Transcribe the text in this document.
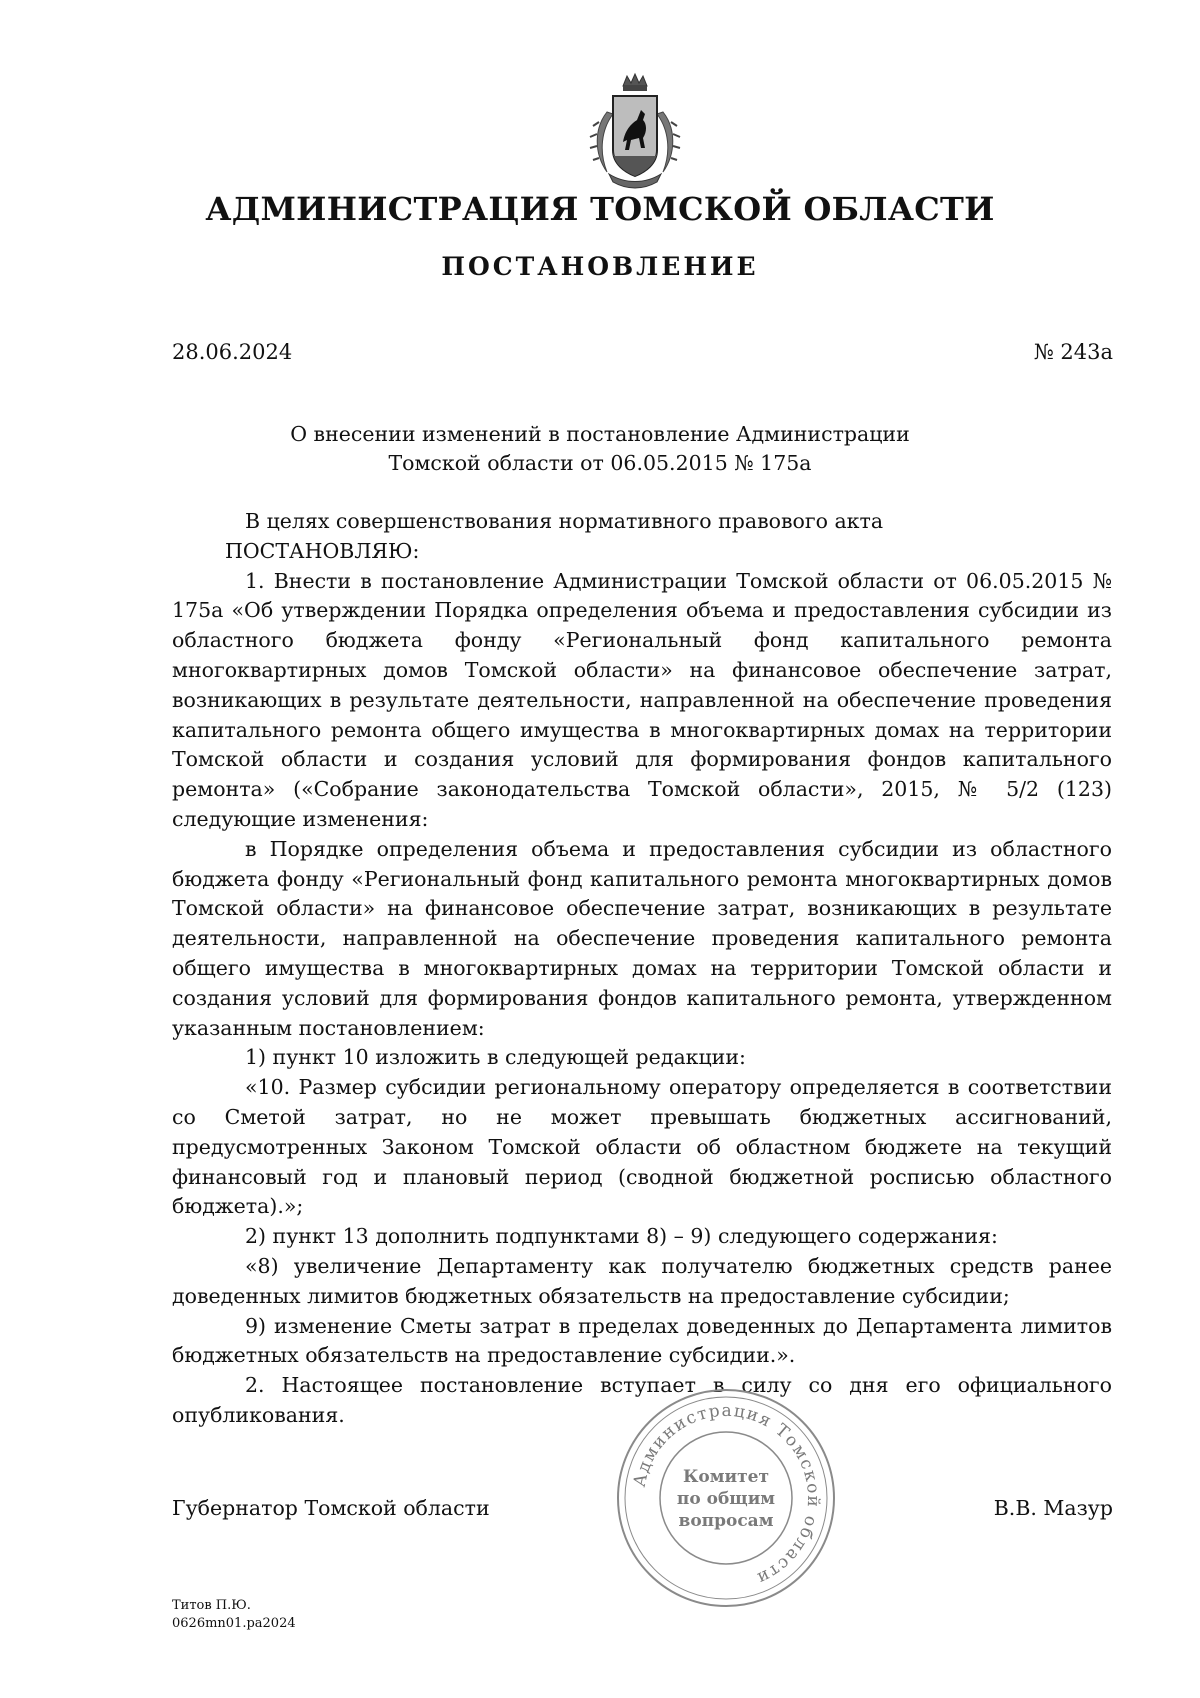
АДМИНИСТРАЦИЯ ТОМСКОЙ ОБЛАСТИ
ПОСТАНОВЛЕНИЕ
28.06.2024	№ 243а
О внесении изменений в постановление Администрации
Томской области от 06.05.2015 № 175а

В целях совершенствования нормативного правового акта

ПОСТАНОВЛЯЮ:

1. Внести в постановление Администрации Томской области от 06.05.2015 № 175а «Об утверждении Порядка определения объема и предоставления субсидии из областного бюджета фонду «Региональный фонд капитального ремонта многоквартирных домов Томской области» на финансовое обеспечение затрат, возникающих в результате деятельности, направленной на обеспечение проведения капитального ремонта общего имущества в многоквартирных домах на территории Томской области и создания условий для формирования фондов капитального ремонта» («Собрание законодательства Томской области», 2015, № 5/2 (123) следующие изменения:

в Порядке определения объема и предоставления субсидии из областного бюджета фонду «Региональный фонд капитального ремонта многоквартирных домов Томской области» на финансовое обеспечение затрат, возникающих в результате деятельности, направленной на обеспечение проведения капитального ремонта общего имущества в многоквартирных домах на территории Томской области и создания условий для формирования фондов капитального ремонта, утвержденном указанным постановлением:

1) пункт 10 изложить в следующей редакции:

«10. Размер субсидии региональному оператору определяется в соответствии со Сметой затрат, но не может превышать бюджетных ассигнований, предусмотренных Законом Томской области об областном бюджете на текущий финансовый год и плановый период (сводной бюджетной росписью областного бюджета).»;

2) пункт 13 дополнить подпунктами 8) – 9) следующего содержания:

«8) увеличение Департаменту как получателю бюджетных средств ранее доведенных лимитов бюджетных обязательств на предоставление субсидии;

9) изменение Сметы затрат в пределах доведенных до Департамента лимитов бюджетных обязательств на предоставление субсидии.».

2. Настоящее постановление вступает в силу со дня его официального опубликования.

Губернатор Томской области	В.В. Мазур
Администрация Томской области
Комитет
по общим
вопросам
Титов П.Ю.
0626mn01.pa2024
